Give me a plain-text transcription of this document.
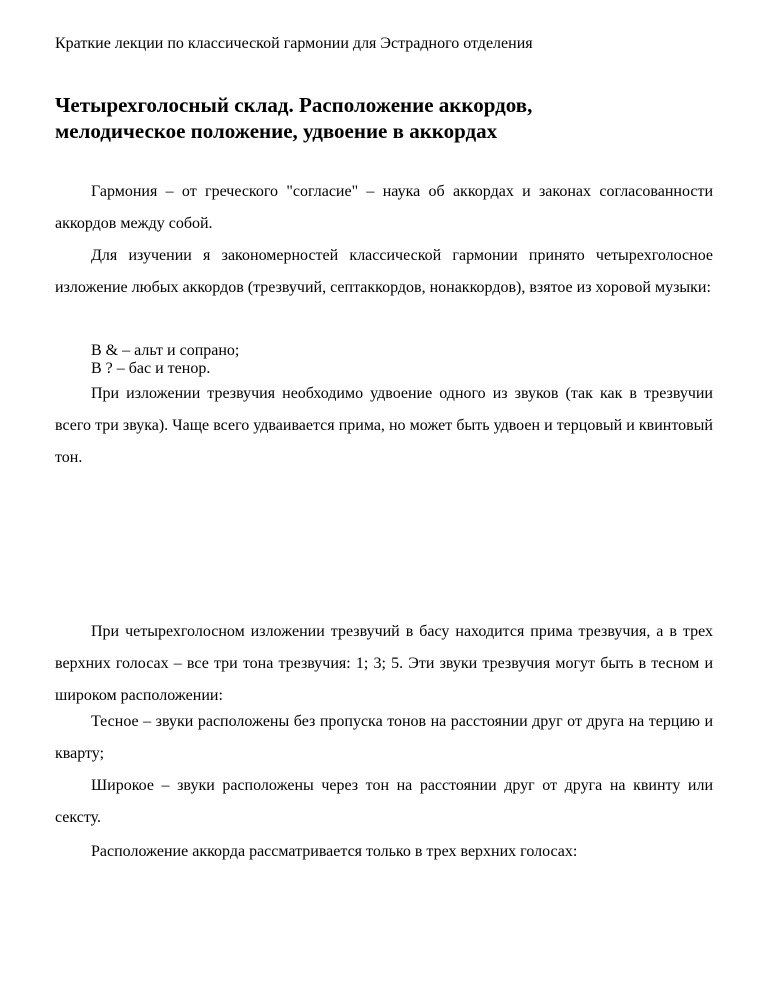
Краткие лекции по классической гармонии для Эстрадного отделения
Четырехголосный склад. Расположение аккордов,
мелодическое положение, удвоение в аккордах

Гармония – от греческого "согласие" – наука об аккордах и законах согласованности аккордов между собой.

Для изучении я закономерностей классической гармонии принято четырехголосное изложение любых аккордов (трезвучий, септаккордов, нонаккордов), взятое из хоровой музыки:

В & – альт и сопрано;
В ? – бас и тенор.

При изложении трезвучия необходимо удвоение одного из звуков (так как в трезвучии всего три звука). Чаще всего удваивается прима, но может быть удвоен и терцовый и квинтовый тон.

При четырехголосном изложении трезвучий в басу находится прима трезвучия, а в трех верхних голосах – все три тона трезвучия: 1; 3; 5. Эти звуки трезвучия могут быть в тесном и широком расположении:

Тесное – звуки расположены без пропуска тонов на расстоянии друг от друга на терцию и кварту;

Широкое – звуки расположены через тон на расстоянии друг от друга на квинту или сексту.

Расположение аккорда рассматривается только в трех верхних голосах:
